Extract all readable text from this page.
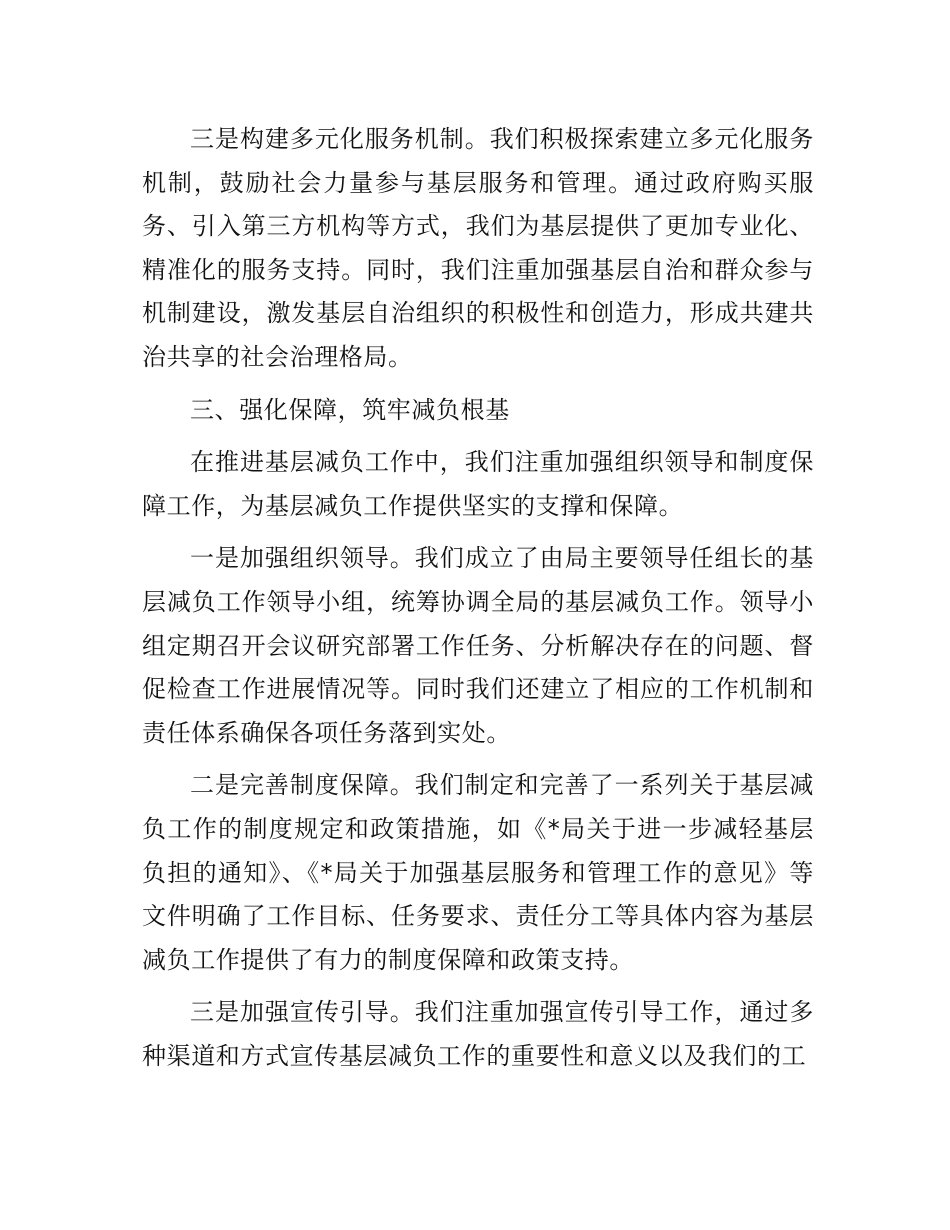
三是构建多元化服务机制。我们积极探索建立多元化服务机制，鼓励社会力量参与基层服务和管理。通过政府购买服务、引入第三方机构等方式，我们为基层提供了更加专业化、精准化的服务支持。同时，我们注重加强基层自治和群众参与机制建设，激发基层自治组织的积极性和创造力，形成共建共治共享的社会治理格局。

三、强化保障，筑牢减负根基

在推进基层减负工作中，我们注重加强组织领导和制度保障工作，为基层减负工作提供坚实的支撑和保障。

一是加强组织领导。我们成立了由局主要领导任组长的基层减负工作领导小组，统筹协调全局的基层减负工作。领导小组定期召开会议研究部署工作任务、分析解决存在的问题、督促检查工作进展情况等。同时我们还建立了相应的工作机制和责任体系确保各项任务落到实处。

二是完善制度保障。我们制定和完善了一系列关于基层减负工作的制度规定和政策措施，如《*局关于进一步减轻基层负担的通知》、《*局关于加强基层服务和管理工作的意见》等文件明确了工作目标、任务要求、责任分工等具体内容为基层减负工作提供了有力的制度保障和政策支持。

三是加强宣传引导。我们注重加强宣传引导工作，通过多种渠道和方式宣传基层减负工作的重要性和意义以及我们的工
